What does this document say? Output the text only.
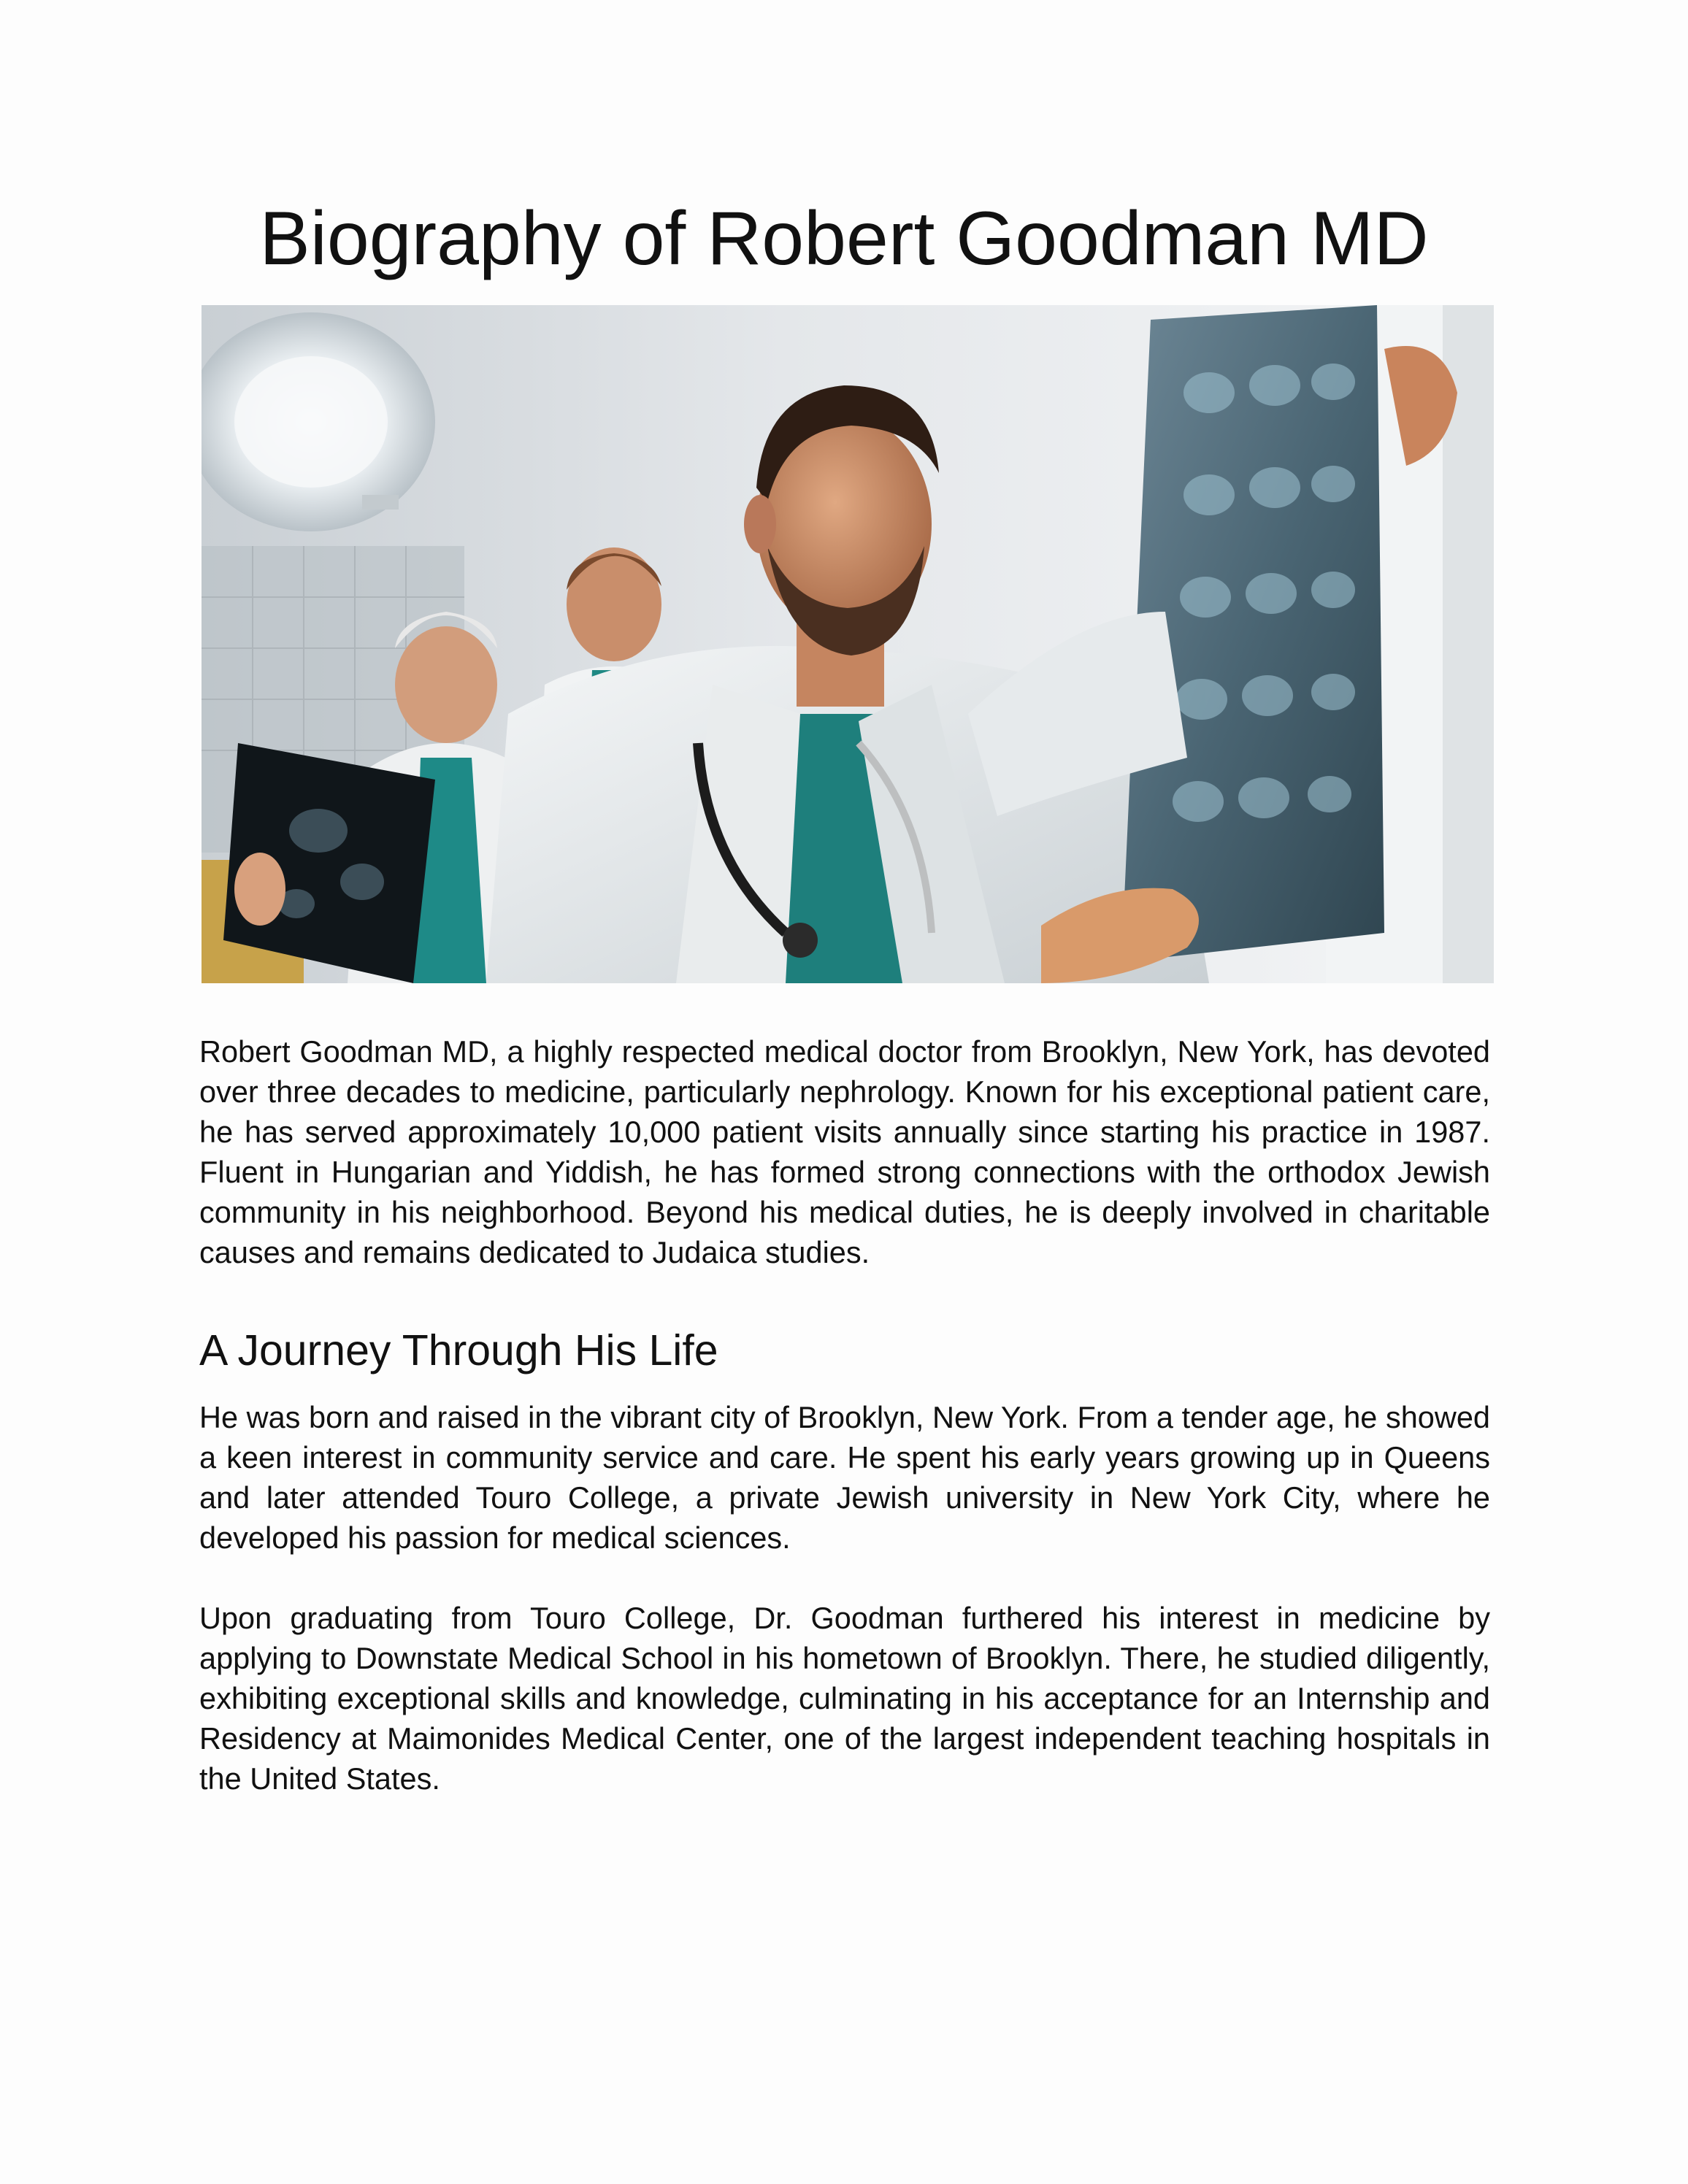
Biography of Robert Goodman MD

Robert Goodman MD, a highly respected medical doctor from Brooklyn, New York, has devoted over three decades to medicine, particularly nephrology. Known for his exceptional patient care, he has served approximately 10,000 patient visits annually since starting his practice in 1987. Fluent in Hungarian and Yiddish, he has formed strong connections with the orthodox Jewish community in his neighborhood. Beyond his medical duties, he is deeply involved in charitable causes and remains dedicated to Judaica studies.

A Journey Through His Life

He was born and raised in the vibrant city of Brooklyn, New York. From a tender age, he showed a keen interest in community service and care. He spent his early years growing up in Queens and later attended Touro College, a private Jewish university in New York City, where he developed his passion for medical sciences.

Upon graduating from Touro College, Dr. Goodman furthered his interest in medicine by applying to Downstate Medical School in his hometown of Brooklyn. There, he studied diligently, exhibiting exceptional skills and knowledge, culminating in his acceptance for an Internship and Residency at Maimonides Medical Center, one of the largest independent teaching hospitals in the United States.
